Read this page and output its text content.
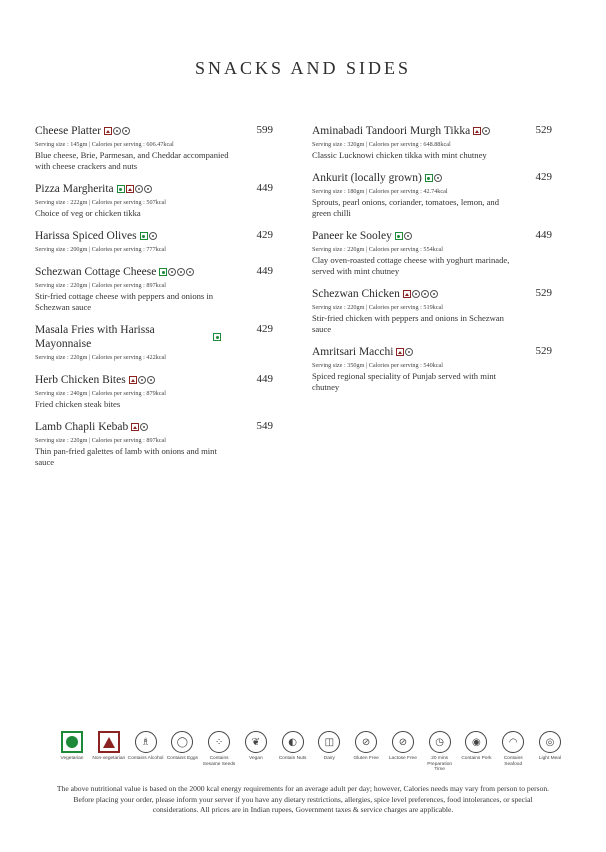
SNACKS AND SIDES
Cheese Platter	599
Serving size : 145gm | Calories per serving : 606.47kcal
Blue cheese, Brie, Parmesan, and Cheddar accompanied with cheese crackers and nuts
Pizza Margherita	449
Serving size : 222gm | Calories per serving : 507kcal
Choice of veg or chicken tikka
Harissa Spiced Olives	429
Serving size : 200gm | Calories per serving : 777kcal
Schezwan Cottage Cheese	449
Serving size : 220gm | Calories per serving : 897kcal
Stir-fried cottage cheese with peppers and onions in Schezwan sauce
Masala Fries with Harissa Mayonnaise
429
Serving size : 220gm | Calories per serving : 422kcal
Herb Chicken Bites	449
Serving size : 240gm | Calories per serving : 879kcal
Fried chicken steak bites
Lamb Chapli Kebab	549
Serving size : 220gm | Calories per serving : 897kcal
Thin pan-fried galettes of lamb with onions and mint sauce
Aminabadi Tandoori Murgh Tikka	529
Serving size : 320gm | Calories per serving : 648.88kcal
Classic Lucknowi chicken tikka with mint chutney
Ankurit (locally grown)	429
Serving size : 180gm | Calories per serving : 42.74kcal
Sprouts, pearl onions, coriander, tomatoes, lemon, and green chilli
Paneer ke Sooley	449
Serving size : 220gm | Calories per serving : 554kcal
Clay oven-roasted cottage cheese with yoghurt marinade, served with mint chutney
Schezwan Chicken	529
Serving size : 220gm | Calories per serving : 519kcal
Stir-fried chicken with peppers and onions in Schezwan sauce
Amritsari Macchi	529
Serving size : 350gm | Calories per serving : 540kcal
Spiced regional speciality of Punjab served with mint chutney
Vegetarian	Non-vegetarian
♗
Contains Alcohol
◯
Contains Eggs
⁘
Contains Sesame Seeds
❦
Vegan
◐
Contain Nuts
◫
Dairy
⊘
Gluten Free
⊘
Lactose Free
◷
20 mins Preparation Time
◉
Contains Pork
◠
Contains Seafood
◎
Light Meal
The above nutritional value is based on the 2000 kcal energy requirements for an average adult per day; however, Calories needs may vary from person to person. Before placing your order, please inform your server if you have any dietary restrictions, allergies, spice level preferences, food intolerances, or special considerations. All prices are in Indian rupees, Government taxes & service charges are applicable.
